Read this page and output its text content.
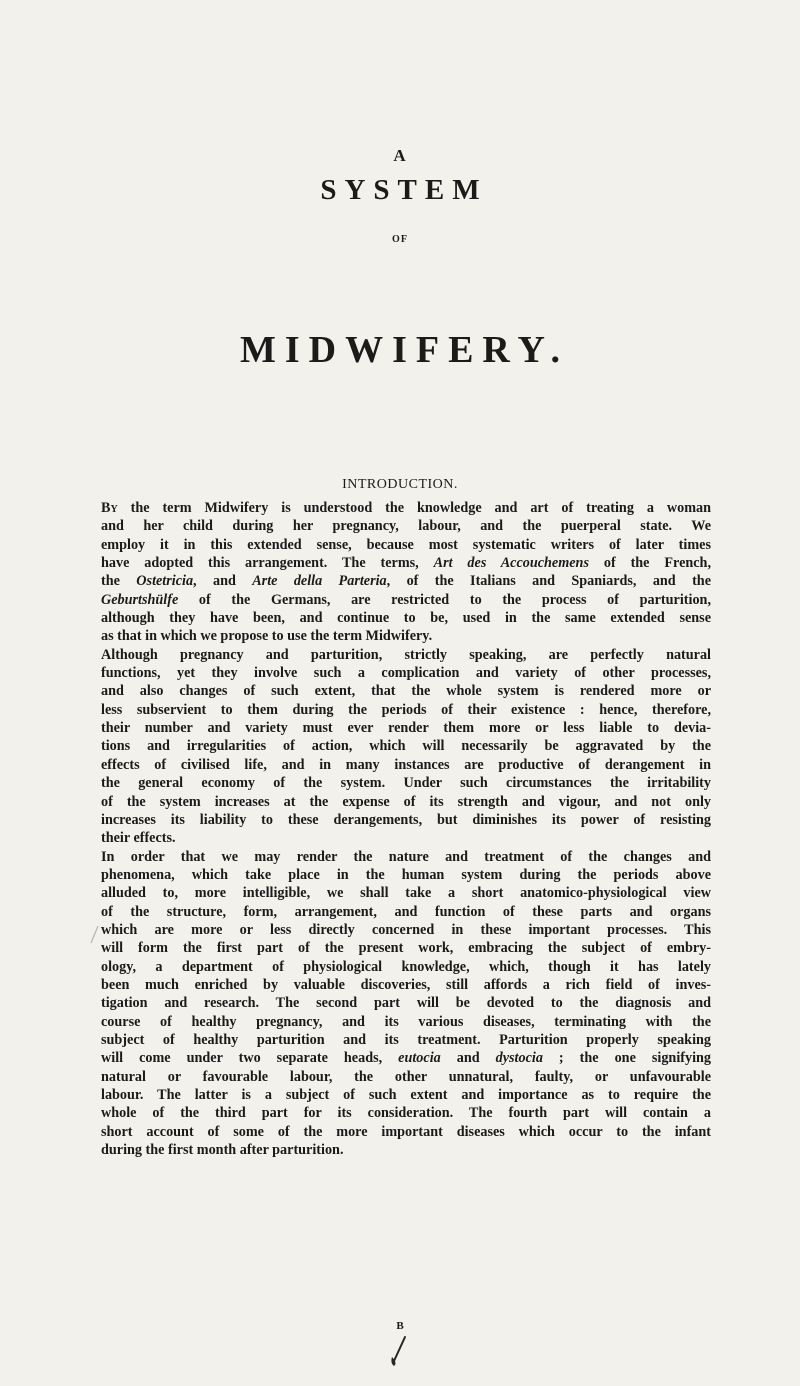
A
SYSTEM
OF
MIDWIFERY.
INTRODUCTION.
By the term Midwifery is understood the knowledge and art of treating a woman
and her child during her pregnancy, labour, and the puerperal state. We
employ it in this extended sense, because most systematic writers of later times
have adopted this arrangement. The terms, Art des Accouchemens of the French,
the Ostetricia, and Arte della Parteria, of the Italians and Spaniards, and the
Geburtshülfe of the Germans, are restricted to the process of parturition,
although they have been, and continue to be, used in the same extended sense
as that in which we propose to use the term Midwifery.
Although pregnancy and parturition, strictly speaking, are perfectly natural
functions, yet they involve such a complication and variety of other processes,
and also changes of such extent, that the whole system is rendered more or
less subservient to them during the periods of their existence : hence, therefore,
their number and variety must ever render them more or less liable to devia-
tions and irregularities of action, which will necessarily be aggravated by the
effects of civilised life, and in many instances are productive of derangement in
the general economy of the system. Under such circumstances the irritability
of the system increases at the expense of its strength and vigour, and not only
increases its liability to these derangements, but diminishes its power of resisting
their effects.
In order that we may render the nature and treatment of the changes and
phenomena, which take place in the human system during the periods above
alluded to, more intelligible, we shall take a short anatomico-physiological view
of the structure, form, arrangement, and function of these parts and organs
which are more or less directly concerned in these important processes. This
will form the first part of the present work, embracing the subject of embry-
ology, a department of physiological knowledge, which, though it has lately
been much enriched by valuable discoveries, still affords a rich field of inves-
tigation and research. The second part will be devoted to the diagnosis and
course of healthy pregnancy, and its various diseases, terminating with the
subject of healthy parturition and its treatment. Parturition properly speaking
will come under two separate heads, eutocia and dystocia ; the one signifying
natural or favourable labour, the other unnatural, faulty, or unfavourable
labour. The latter is a subject of such extent and importance as to require the
whole of the third part for its consideration. The fourth part will contain a
short account of some of the more important diseases which occur to the infant
during the first month after parturition.
B
